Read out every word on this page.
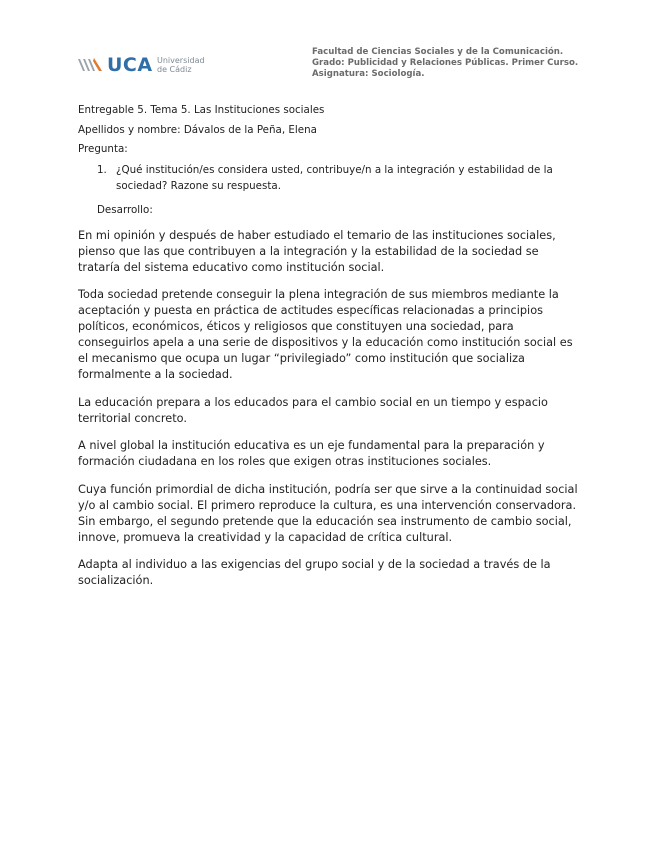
UCA Universidad
de Cádiz
Facultad de Ciencias Sociales y de la Comunicación.
Grado: Publicidad y Relaciones Públicas. Primer Curso.
Asignatura: Sociología.
Entregable 5. Tema 5. Las Instituciones sociales
Apellidos y nombre: Dávalos de la Peña, Elena
Pregunta:
1. ¿Qué institución/es considera usted, contribuye/n a la integración y estabilidad de la sociedad? Razone su respuesta.
Desarrollo:

En mi opinión y después de haber estudiado el temario de las instituciones sociales, pienso que las que contribuyen a la integración y la estabilidad de la sociedad se trataría del sistema educativo como institución social.

Toda sociedad pretende conseguir la plena integración de sus miembros mediante la aceptación y puesta en práctica de actitudes específicas relacionadas a principios políticos, económicos, éticos y religiosos que constituyen una sociedad, para conseguirlos apela a una serie de dispositivos y la educación como institución social es el mecanismo que ocupa un lugar “privilegiado” como institución que socializa formalmente a la sociedad.

La educación prepara a los educados para el cambio social en un tiempo y espacio territorial concreto.

A nivel global la institución educativa es un eje fundamental para la preparación y formación ciudadana en los roles que exigen otras instituciones sociales.

Cuya función primordial de dicha institución, podría ser que sirve a la continuidad social y/o al cambio social. El primero reproduce la cultura, es una intervención conservadora. Sin embargo, el segundo pretende que la educación sea instrumento de cambio social, innove, promueva la creatividad y la capacidad de crítica cultural.

Adapta al individuo a las exigencias del grupo social y de la sociedad a través de la socialización.
